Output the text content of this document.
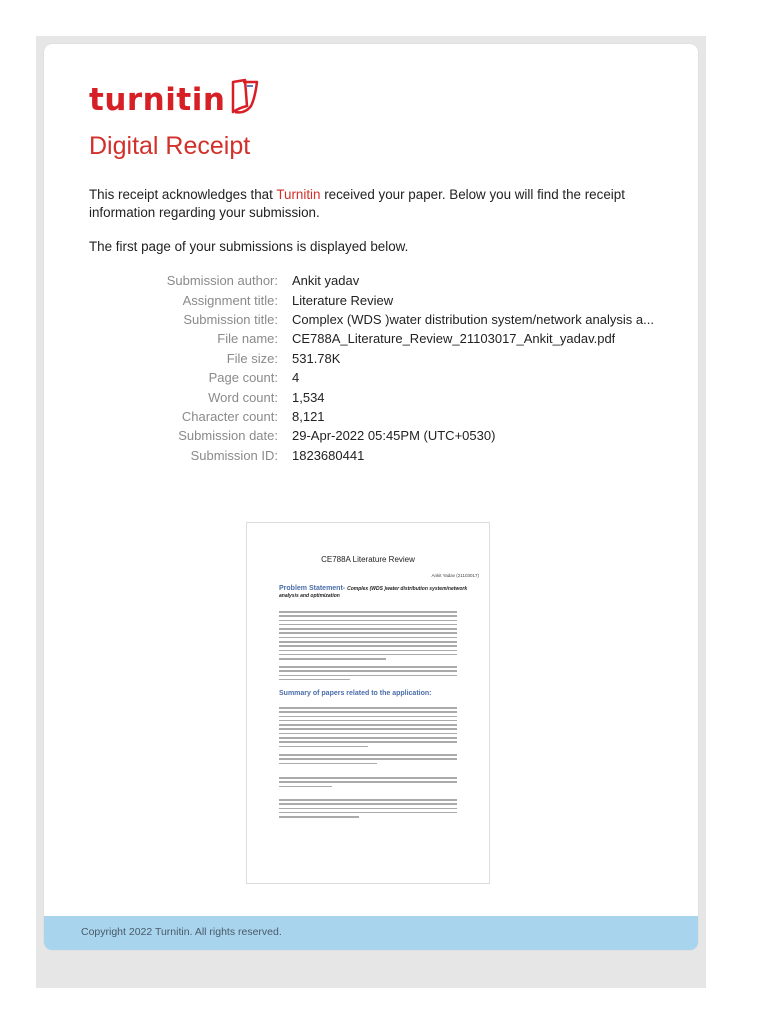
turnitin
Digital Receipt
This receipt acknowledges that Turnitin received your paper. Below you will find the receipt information regarding your submission.
The first page of your submissions is displayed below.
Submission author:	Ankit yadav
Assignment title:	Literature Review
Submission title:	Complex (WDS )water distribution system/network analysis a...
File name:	CE788A_Literature_Review_21103017_Ankit_yadav.pdf
File size:	531.78K
Page count:	4
Word count:	1,534
Character count:	8,121
Submission date:	29-Apr-2022 05:45PM (UTC+0530)
Submission ID:	1823680441
CE788A Literature Review
Ankit Yadav (21103017)
Problem Statement- Complex (WDS )water distribution system/network analysis and optimization
Summary of papers related to the application:
Copyright 2022 Turnitin. All rights reserved.
